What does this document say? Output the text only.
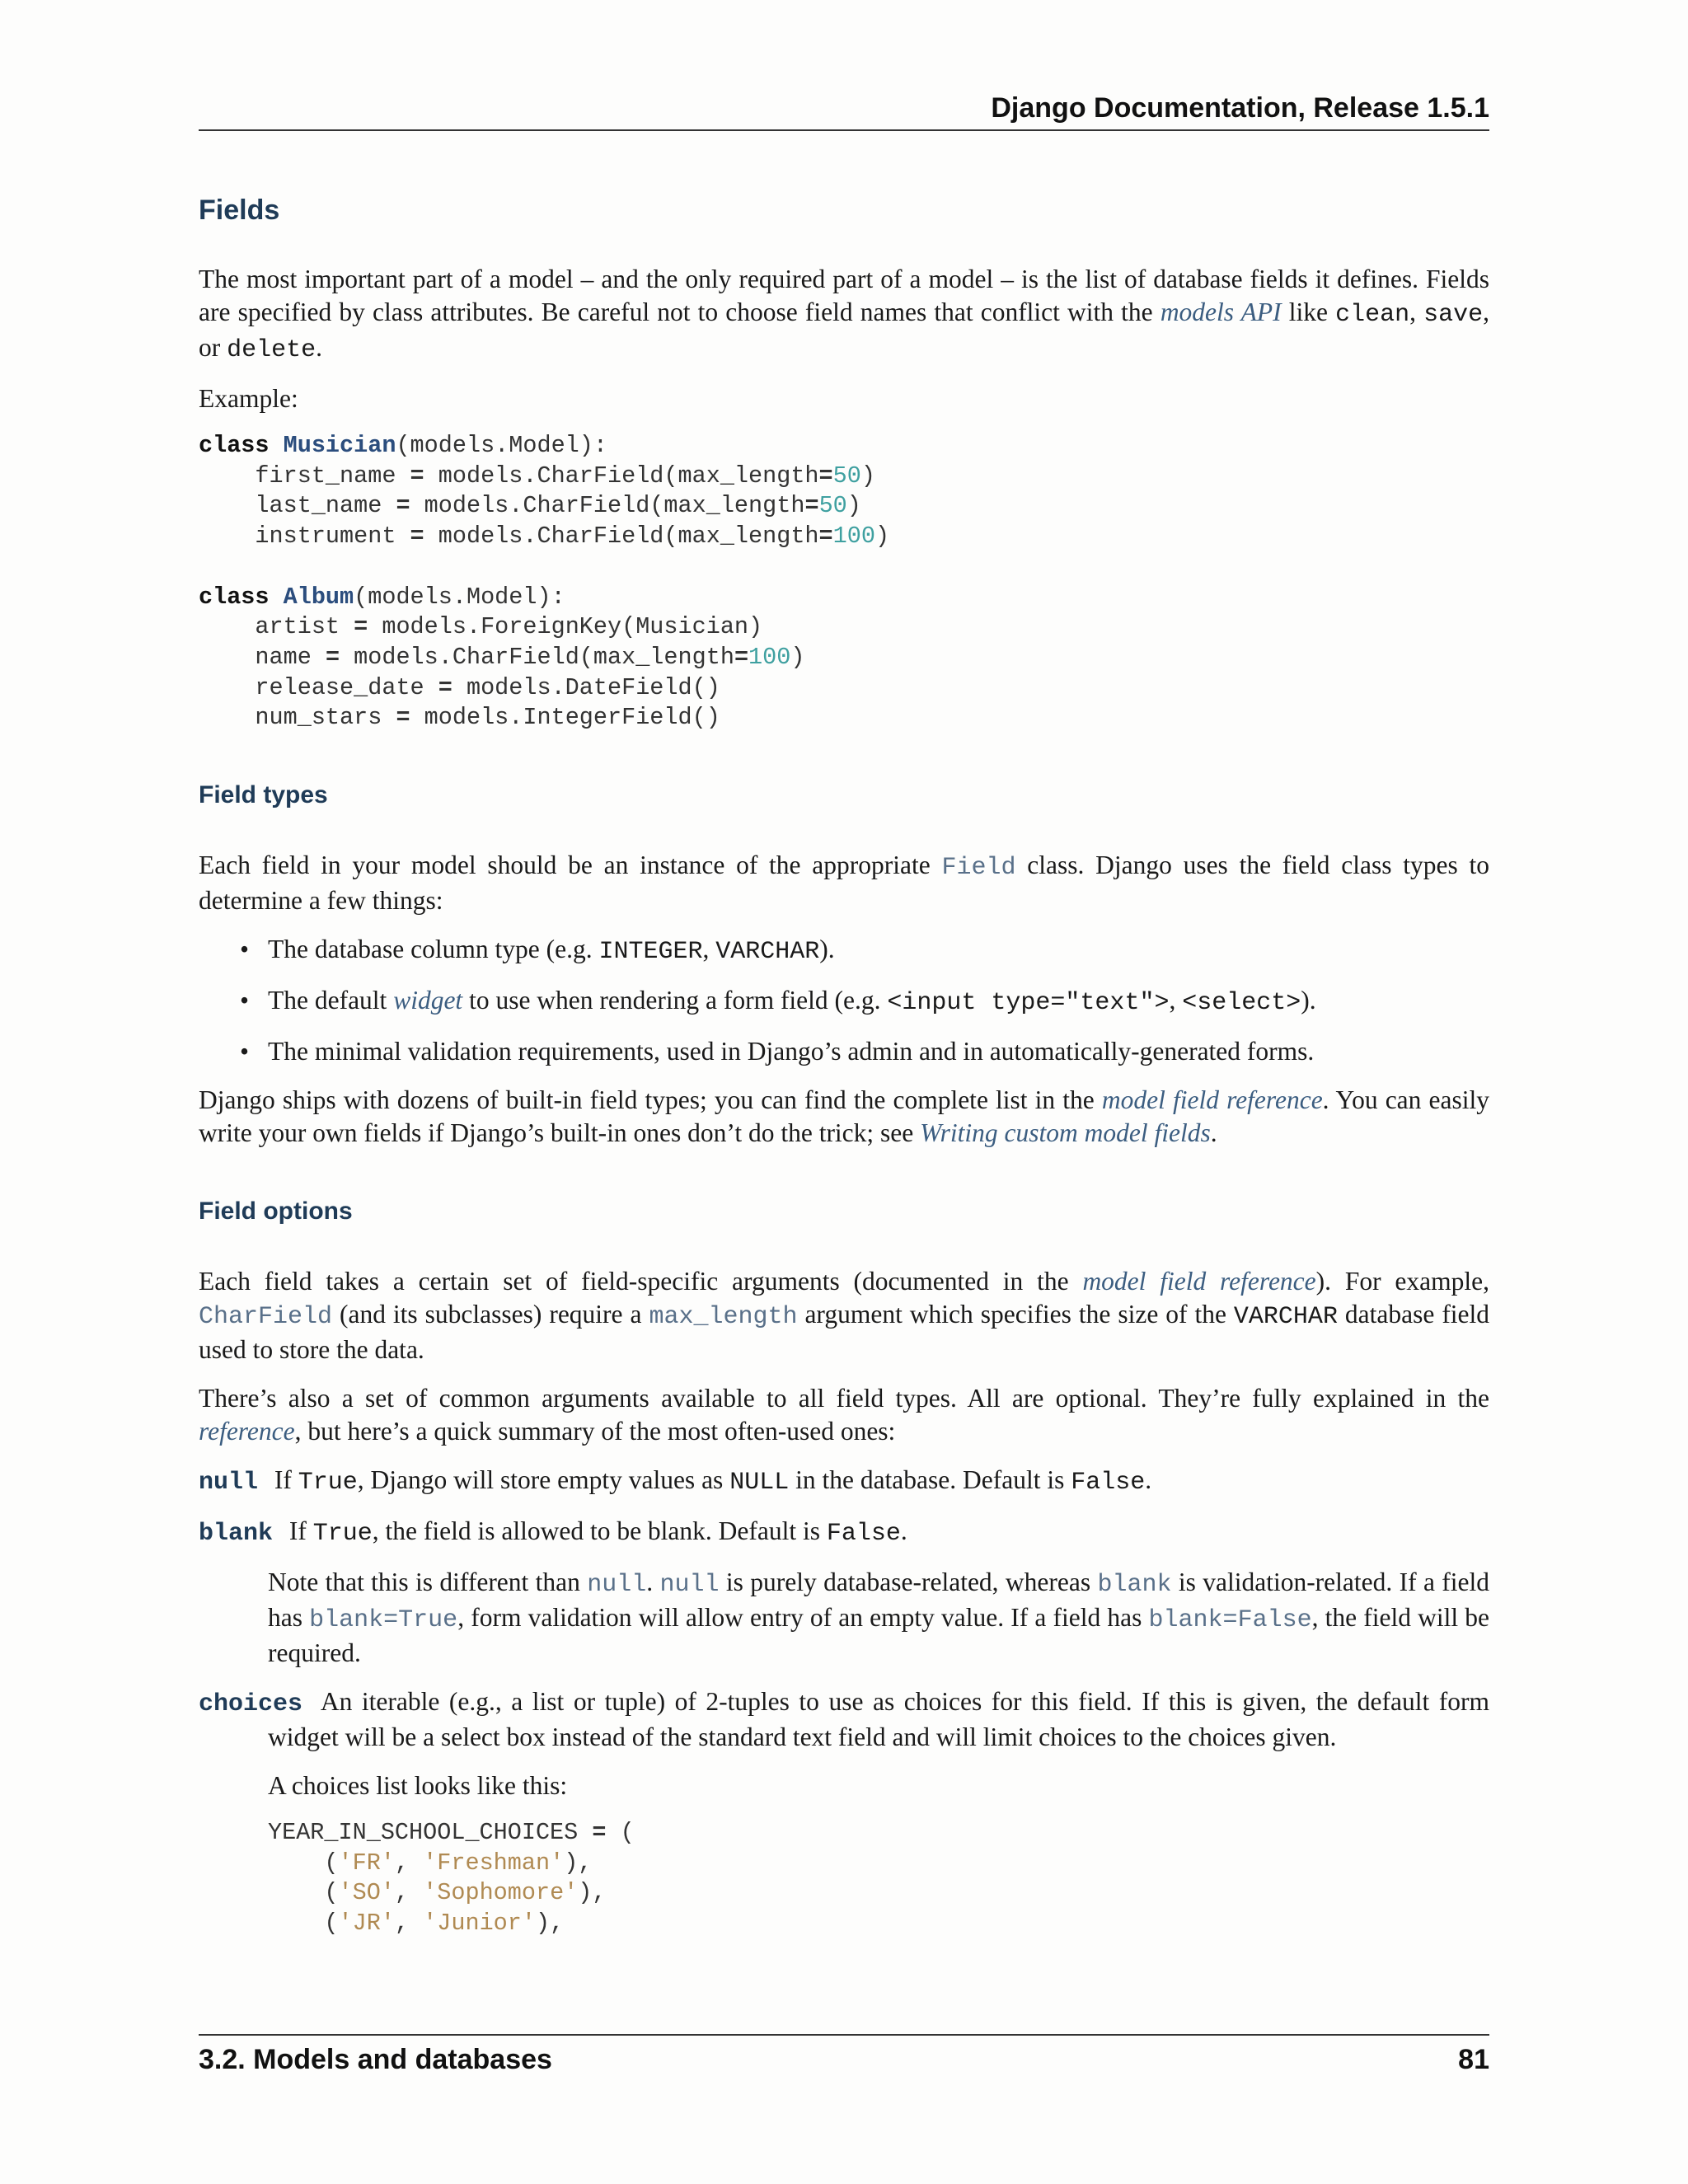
Django Documentation, Release 1.5.1
Fields

The most important part of a model – and the only required part of a model – is the list of database fields it defines. Fields are specified by class attributes. Be careful not to choose field names that conflict with the models API like clean, save, or delete.

Example:

class Musician(models.Model):
first_name = models.CharField(max_length=50)
last_name = models.CharField(max_length=50)
instrument = models.CharField(max_length=100)

class Album(models.Model):
artist = models.ForeignKey(Musician)
name = models.CharField(max_length=100)
release_date = models.DateField()
num_stars = models.IntegerField()
Field types

Each field in your model should be an instance of the appropriate Field class. Django uses the field class types to determine a few things:

• The database column type (e.g. INTEGER, VARCHAR).
• The default widget to use when rendering a form field (e.g. <input type="text">, <select>).
• The minimal validation requirements, used in Django’s admin and in automatically-generated forms.

Django ships with dozens of built-in field types; you can find the complete list in the model field reference. You can easily write your own fields if Django’s built-in ones don’t do the trick; see Writing custom model fields.

Field options

Each field takes a certain set of field-specific arguments (documented in the model field reference). For example, CharField (and its subclasses) require a max_length argument which specifies the size of the VARCHAR database field used to store the data.

There’s also a set of common arguments available to all field types. All are optional. They’re fully explained in the reference, but here’s a quick summary of the most often-used ones:

null If True, Django will store empty values as NULL in the database. Default is False.
blank If True, the field is allowed to be blank. Default is False.

Note that this is different than null. null is purely database-related, whereas blank is validation-related. If a field has blank=True, form validation will allow entry of an empty value. If a field has blank=False, the field will be required.

choices An iterable (e.g., a list or tuple) of 2-tuples to use as choices for this field. If this is given, the default form widget will be a select box instead of the standard text field and will limit choices to the choices given.

A choices list looks like this:

YEAR_IN_SCHOOL_CHOICES = (
('FR', 'Freshman'),
('SO', 'Sophomore'),
('JR', 'Junior'),
3.2. Models and databases	81
